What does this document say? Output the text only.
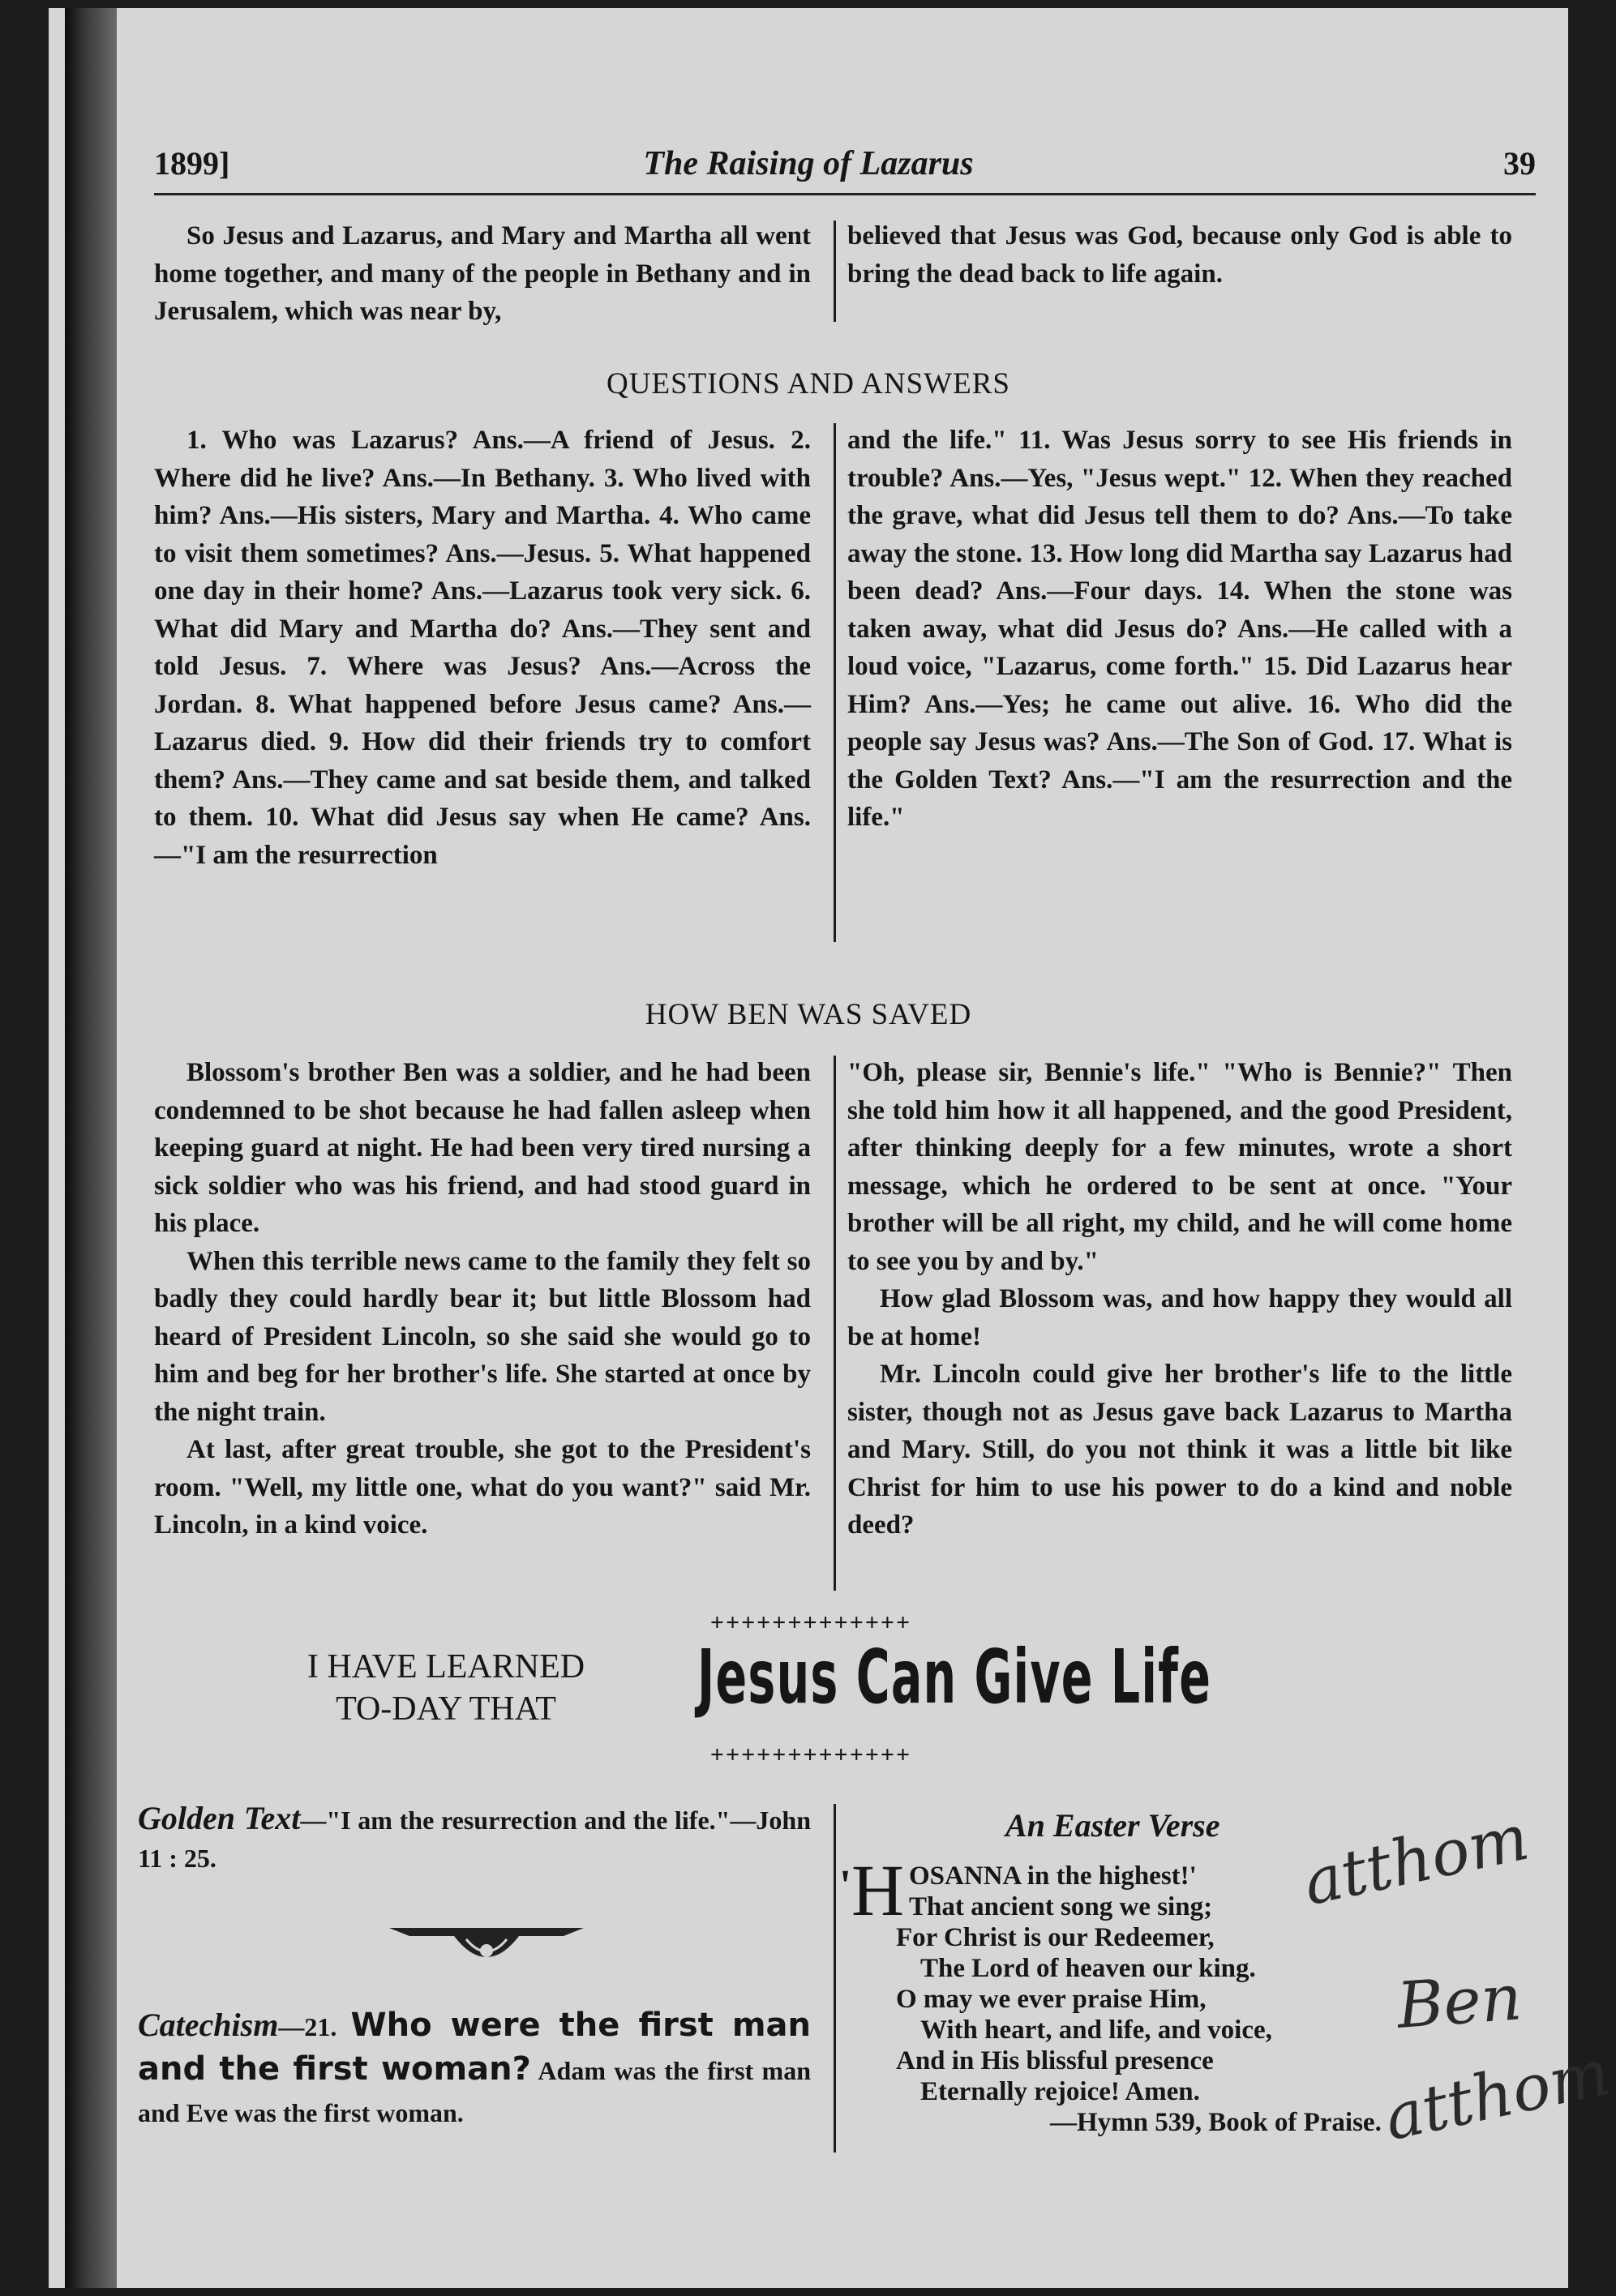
1899]	The Raising of Lazarus	39

So Jesus and Lazarus, and Mary and Martha all went home together, and many of the people in Bethany and in Jerusalem, which was near by,

believed that Jesus was God, because only God is able to bring the dead back to life again.

QUESTIONS AND ANSWERS

1. Who was Lazarus? Ans.—A friend of Jesus. 2. Where did he live? Ans.—In Bethany. 3. Who lived with him? Ans.—His sisters, Mary and Martha. 4. Who came to visit them sometimes? Ans.—Jesus. 5. What happened one day in their home? Ans.—Lazarus took very sick. 6. What did Mary and Martha do? Ans.—They sent and told Jesus. 7. Where was Jesus? Ans.—Across the Jordan. 8. What happened before Jesus came? Ans.—Lazarus died. 9. How did their friends try to comfort them? Ans.—They came and sat beside them, and talked to them. 10. What did Jesus say when He came? Ans. —"I am the resurrection

and the life." 11. Was Jesus sorry to see His friends in trouble? Ans.—Yes, "Jesus wept." 12. When they reached the grave, what did Jesus tell them to do? Ans.—To take away the stone. 13. How long did Martha say Lazarus had been dead? Ans.—Four days. 14. When the stone was taken away, what did Jesus do? Ans.—He called with a loud voice, "Lazarus, come forth." 15. Did Lazarus hear Him? Ans.—Yes; he came out alive. 16. Who did the people say Jesus was? Ans.—The Son of God. 17. What is the Golden Text? Ans.—"I am the resurrection and the life."

HOW BEN WAS SAVED

Blossom's brother Ben was a soldier, and he had been condemned to be shot because he had fallen asleep when keeping guard at night. He had been very tired nursing a sick soldier who was his friend, and had stood guard in his place.

When this terrible news came to the family they felt so badly they could hardly bear it; but little Blossom had heard of President Lincoln, so she said she would go to him and beg for her brother's life. She started at once by the night train.

At last, after great trouble, she got to the President's room. "Well, my little one, what do you want?" said Mr. Lincoln, in a kind voice.

"Oh, please sir, Bennie's life." "Who is Bennie?" Then she told him how it all happened, and the good President, after thinking deeply for a few minutes, wrote a short message, which he ordered to be sent at once. "Your brother will be all right, my child, and he will come home to see you by and by."

How glad Blossom was, and how happy they would all be at home!

Mr. Lincoln could give her brother's life to the little sister, though not as Jesus gave back Lazarus to Martha and Mary. Still, do you not think it was a little bit like Christ for him to use his power to do a kind and noble deed?

+++++++++++++
I HAVE LEARNED
TO-DAY THAT	Jesus Can Give Life
+++++++++++++
Golden Text—"I am the resurrection and the life."—John 11 : 25.
Catechism—21. Who were the first man and the first woman? Adam was the first man and Eve was the first woman.
An Easter Verse
' H OSANNA in the highest!'
That ancient song we sing;
For Christ is our Redeemer,
The Lord of heaven our king.
O may we ever praise Him,
With heart, and life, and voice,
And in His blissful presence
Eternally rejoice! Amen.
—Hymn 539, Book of Praise.
atthom
Ben
atthom
